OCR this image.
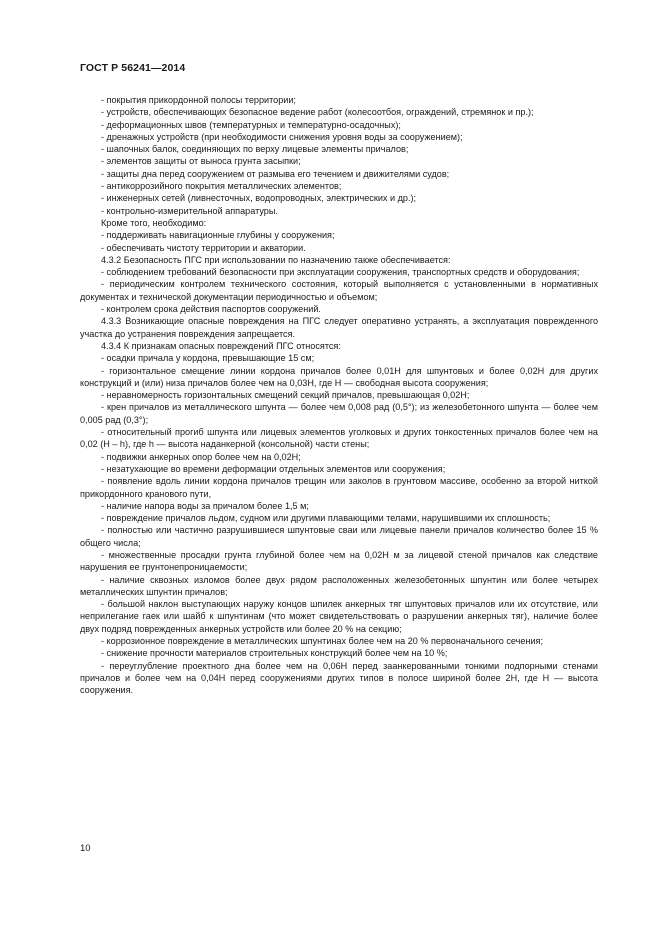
ГОСТ Р 56241—2014

- покрытия прикордонной полосы территории;

- устройств, обеспечивающих безопасное ведение работ (колесоотбоя, ограждений, стремянок и пр.);

- деформационных швов (температурных и температурно-осадочных);

- дренажных устройств (при необходимости снижения уровня воды за сооружением);

- шапочных балок, соединяющих по верху лицевые элементы причалов;

- элементов защиты от выноса грунта засыпки;

- защиты дна перед сооружением от размыва его течением и движителями судов;

- антикоррозийного покрытия металлических элементов;

- инженерных сетей (ливнесточных, водопроводных, электрических и др.);

- контрольно-измерительной аппаратуры.

Кроме того, необходимо:

- поддерживать навигационные глубины у сооружения;

- обеспечивать чистоту территории и акватории.

4.3.2 Безопасность ПГС при использовании по назначению также обеспечивается:

- соблюдением требований безопасности при эксплуатации сооружения, транспортных средств и оборудования;

- периодическим контролем технического состояния, который выполняется с установленными в нормативных документах и технической документации периодичностью и объемом;

- контролем срока действия паспортов сооружений.

4.3.3 Возникающие опасные повреждения на ПГС следует оперативно устранять, а эксплуатация поврежденного участка до устранения повреждения запрещается.

4.3.4 К признакам опасных повреждений ПГС относятся:

- осадки причала у кордона, превышающие 15 см;

- горизонтальное смещение линии кордона причалов более 0,01H для шпунтовых и более 0,02H для других конструкций и (или) низа причалов более чем на 0,03H, где H — свободная высота сооружения;

- неравномерность горизонтальных смещений секций причалов, превышающая 0,02H;

- крен причалов из металлического шпунта — более чем 0,008 рад (0,5°); из железобетонного шпунта — более чем 0,005 рад (0,3°);

- относительный прогиб шпунта или лицевых элементов уголковых и других тонкостенных причалов более чем на 0,02 (H – h), где h — высота наданкерной (консольной) части стены;

- подвижки анкерных опор более чем на 0,02H;

- незатухающие во времени деформации отдельных элементов или сооружения;

- появление вдоль линии кордона причалов трещин или заколов в грунтовом массиве, особенно за второй ниткой прикордонного кранового пути,

- наличие напора воды за причалом более 1,5 м;

- повреждение причалов льдом, судном или другими плавающими телами, нарушившими их сплошность;

- полностью или частично разрушившиеся шпунтовые сваи или лицевые панели причалов количество более 15 % общего числа;

- множественные просадки грунта глубиной более чем на 0,02H м за лицевой стеной причалов как следствие нарушения ее грунтонепроницаемости;

- наличие сквозных изломов более двух рядом расположенных железобетонных шпунтин или более четырех металлических шпунтин причалов;

- большой наклон выступающих наружу концов шпилек анкерных тяг шпунтовых причалов или их отсутствие, или неприлегание гаек или шайб к шпунтинам (что может свидетельствовать о разрушении анкерных тяг), наличие более двух подряд поврежденных анкерных устройств или более 20 % на секцию;

- коррозионное повреждение в металлических шпунтинах более чем на 20 % первоначального сечения;

- снижение прочности материалов строительных конструкций более чем на 10 %;

- переуглубление проектного дна более чем на 0,06H перед заанкерованными тонкими подпорными стенами причалов и более чем на 0,04H перед сооружениями других типов в полосе шириной более 2H, где H — высота сооружения.

10
